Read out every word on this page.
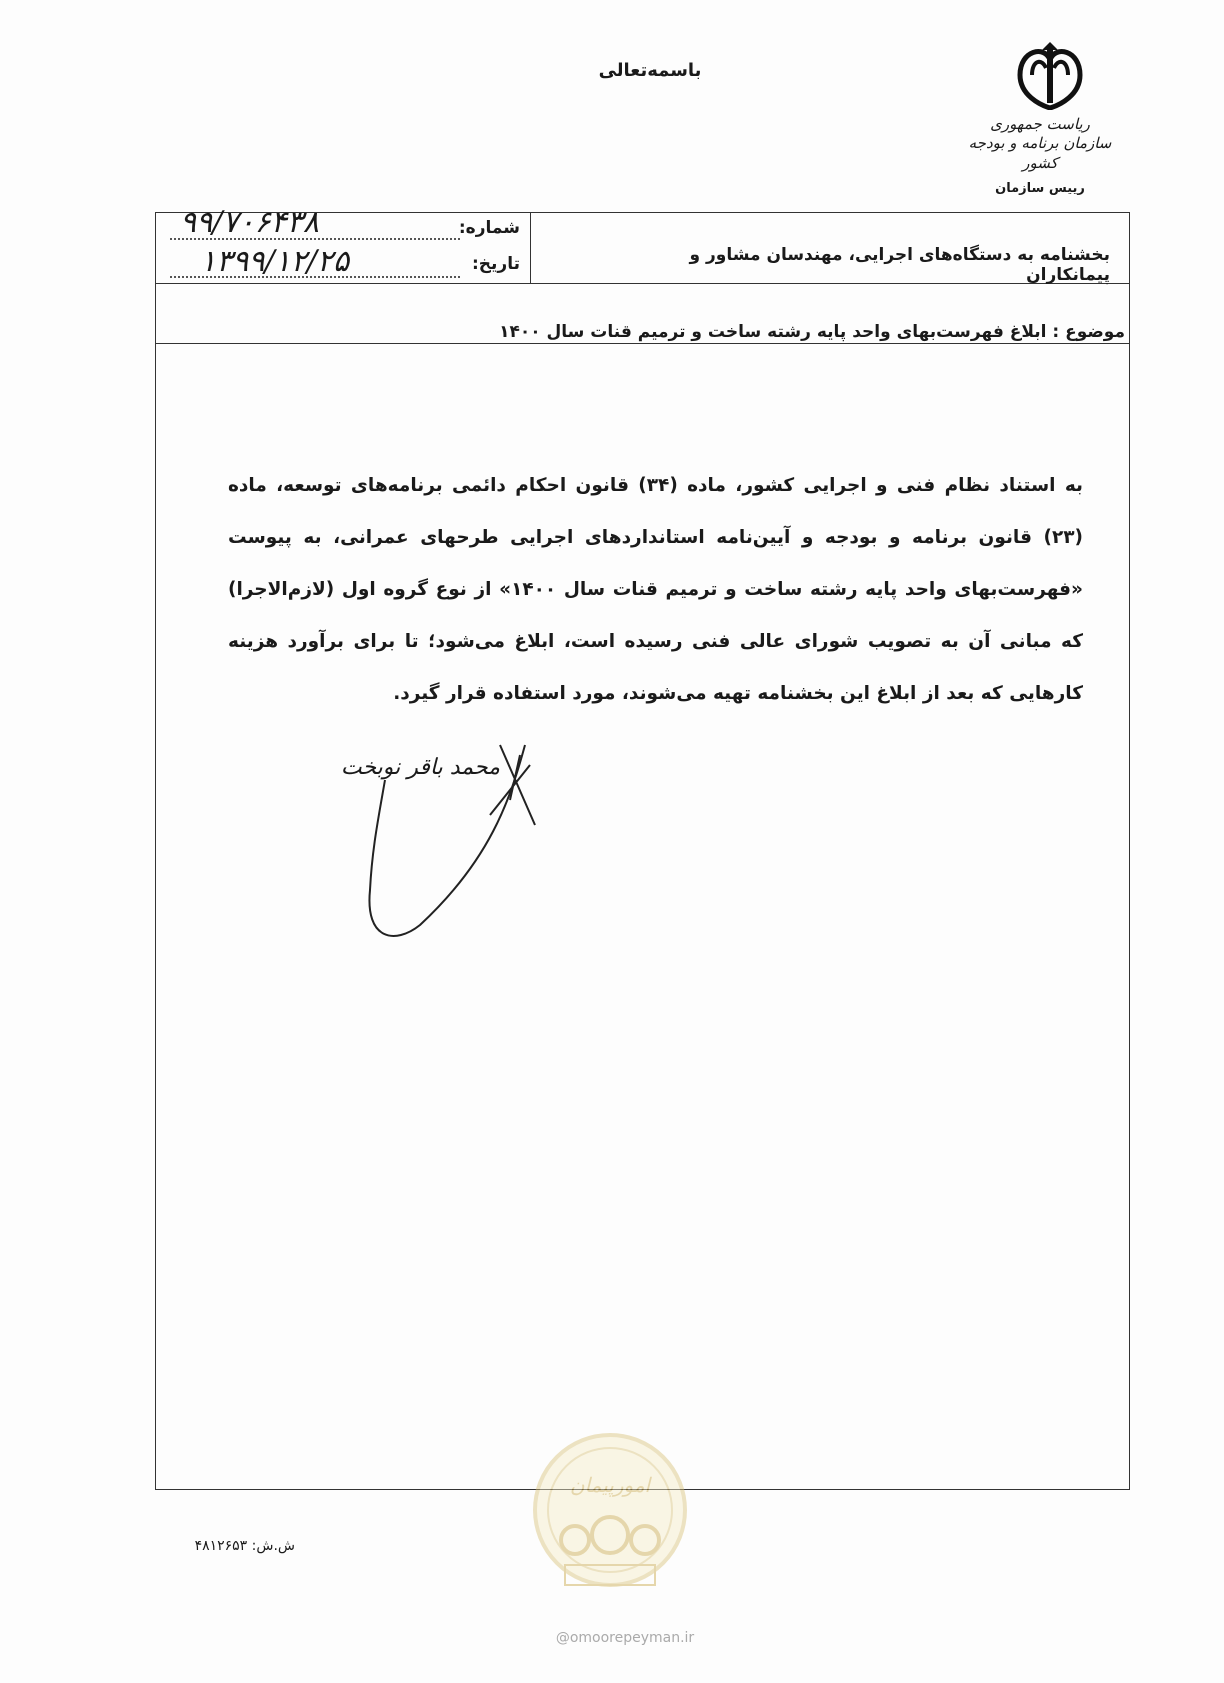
باسمه‌تعالی
ریاست جمهوری
سازمان برنامه و بودجه کشور
رییس سازمان
شماره:
۹۹/۷۰۶۴۳۸
تاریخ:
۱۳۹۹/۱۲/۲۵	بخشنامه به دستگاه‌های اجرایی، مهندسان مشاور و پیمانکاران
موضوع : ابلاغ فهرست‌بهای واحد پایه رشته ساخت و ترمیم قنات سال ۱۴۰۰
به استناد نظام فنی و اجرایی کشور، ماده (۳۴) قانون احکام دائمی برنامه‌های توسعه، ماده (۲۳) قانون برنامه و بودجه و آیین‌نامه استانداردهای اجرایی طرحهای عمرانی، به پیوست «فهرست‌بهای واحد پایه رشته ساخت و ترمیم قنات سال ۱۴۰۰» از نوع گروه اول (لازم‌الاجرا) که مبانی آن به تصویب شورای عالی فنی رسیده است، ابلاغ می‌شود؛ تا برای برآورد هزینه کارهایی که بعد از ابلاغ این بخشنامه تهیه می‌شوند، مورد استفاده قرار گیرد.
محمد باقر نوبخت
امورپیمان
@omoorepeyman.ir
ش.ش: ۴۸۱۲۶۵۳
